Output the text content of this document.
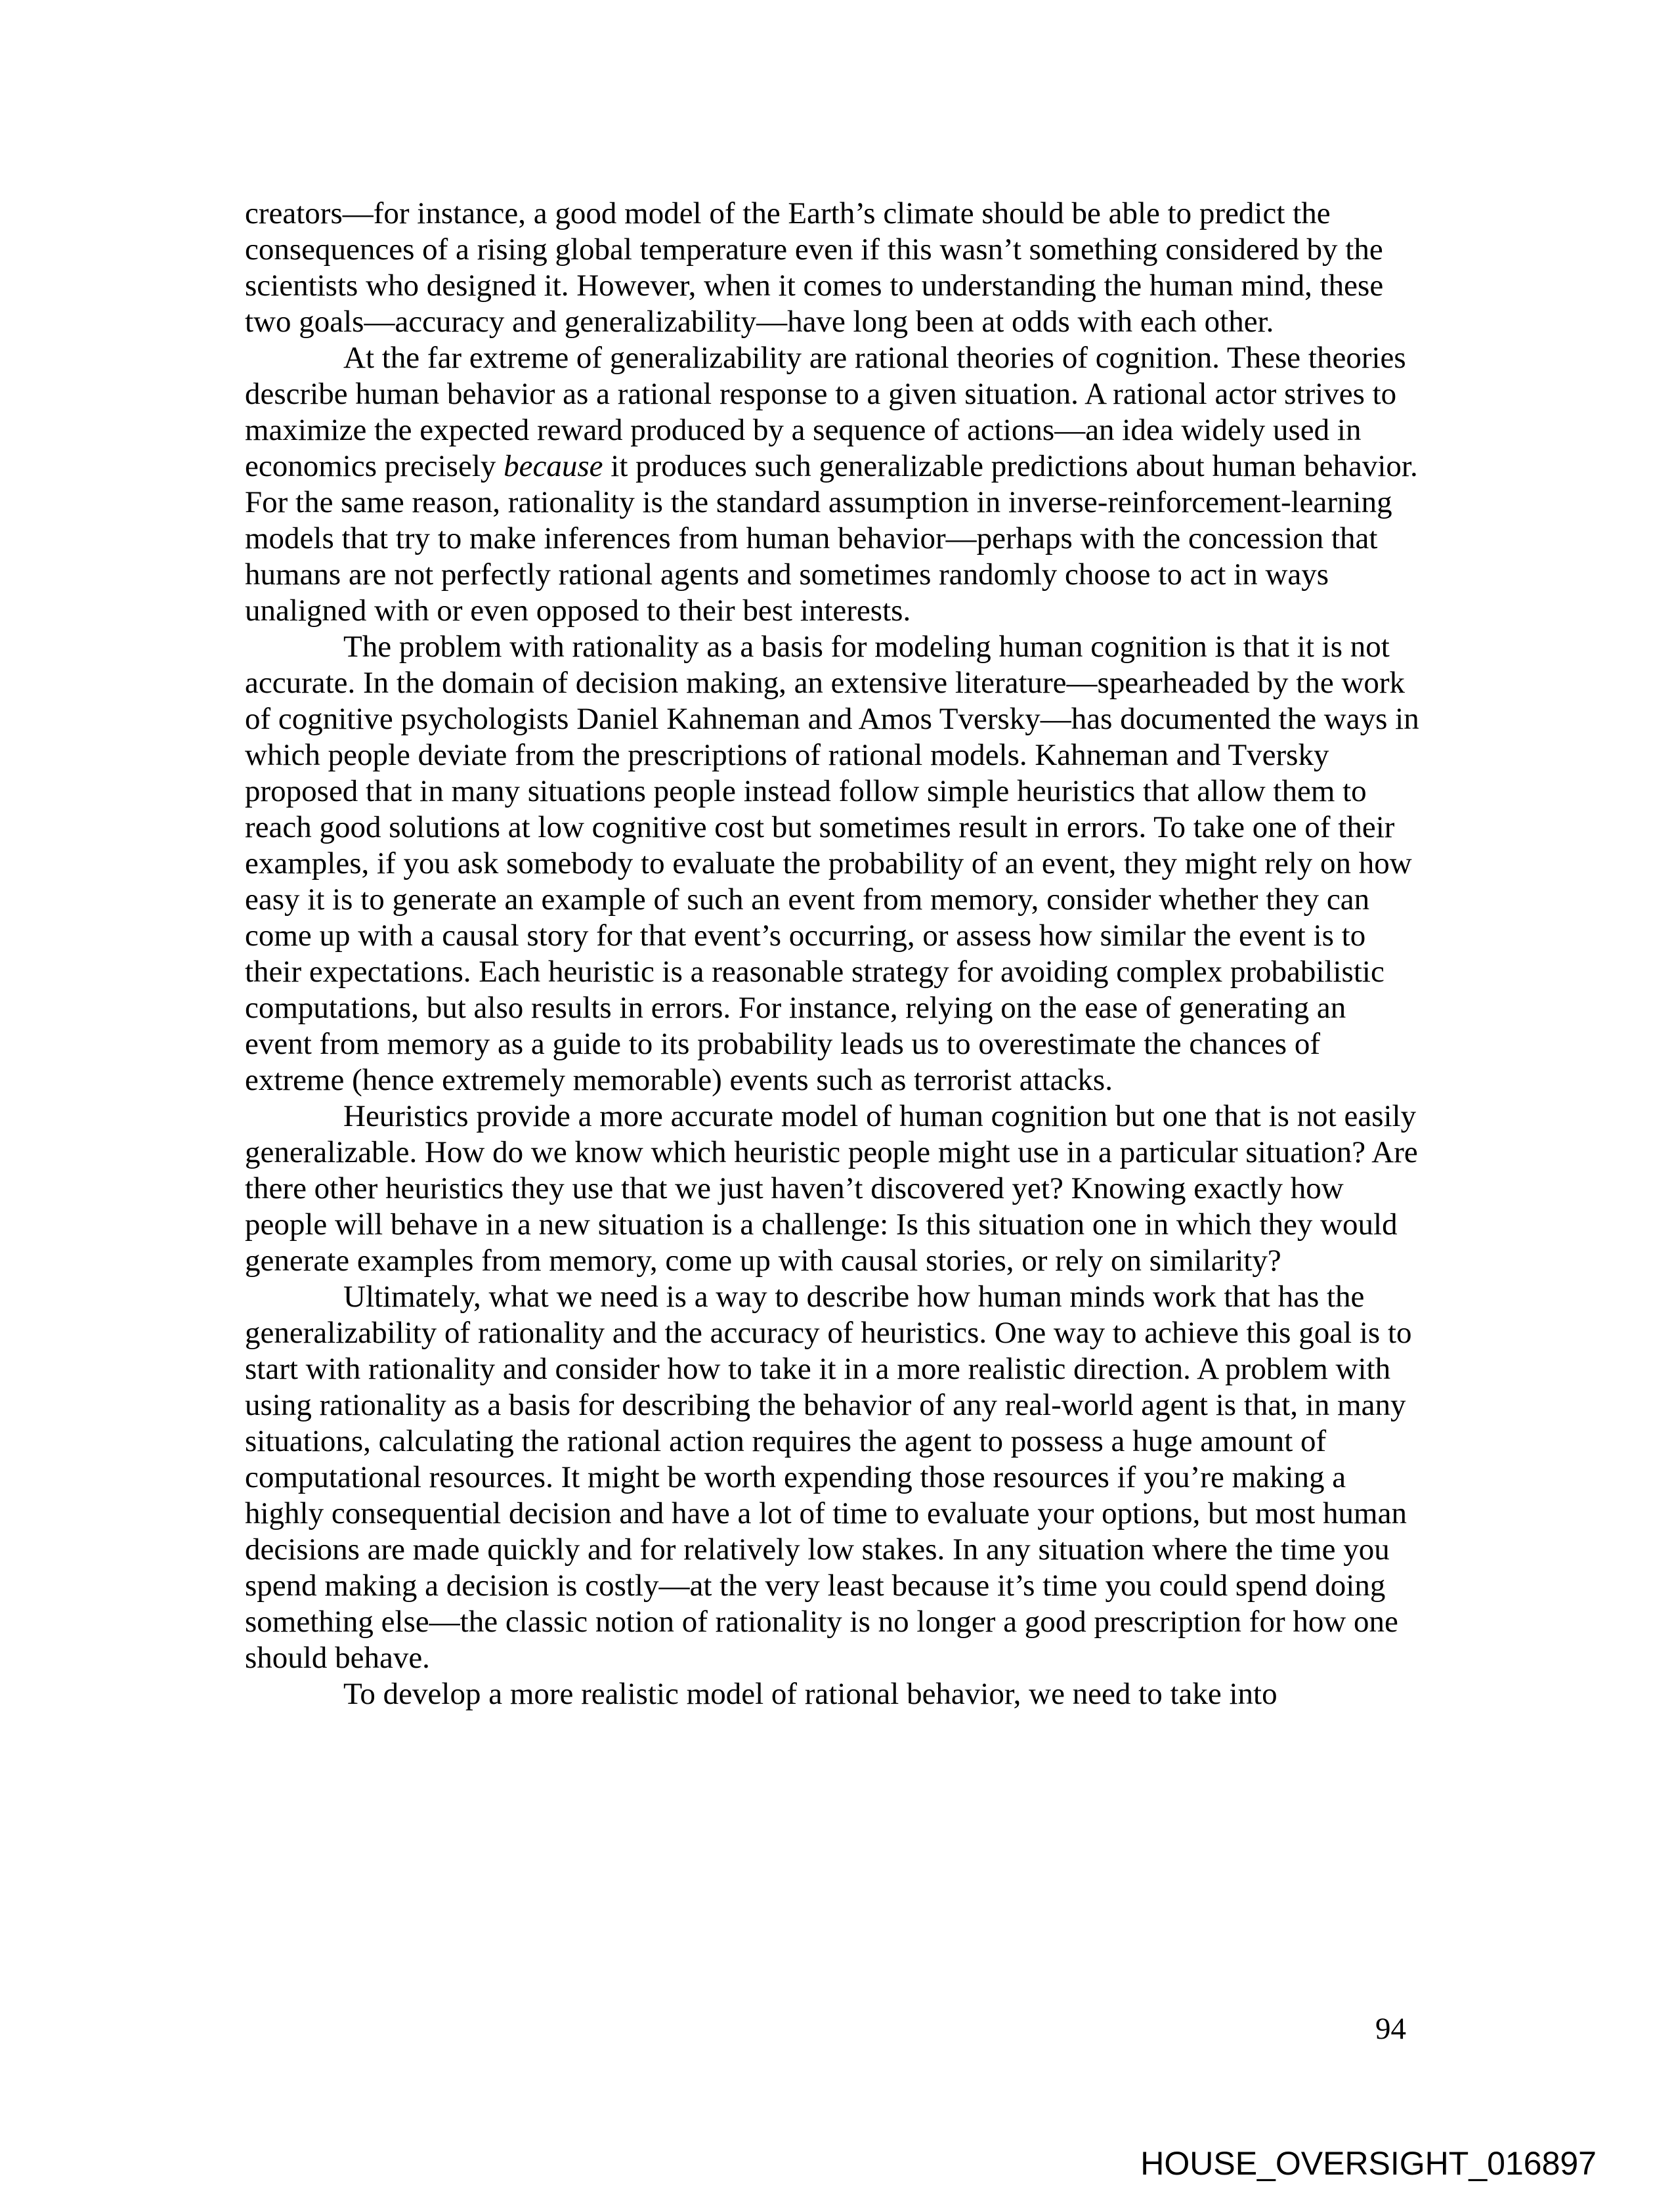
creators—for instance, a good model of the Earth’s climate should be able to predict the consequences of a rising global temperature even if this wasn’t something considered by the scientists who designed it. However, when it comes to understanding the human mind, these two goals—accuracy and generalizability—have long been at odds with each other.

At the far extreme of generalizability are rational theories of cognition. These theories describe human behavior as a rational response to a given situation. A rational actor strives to maximize the expected reward produced by a sequence of actions—an idea widely used in economics precisely because it produces such generalizable predictions about human behavior. For the same reason, rationality is the standard assumption in inverse-reinforcement-learning models that try to make inferences from human behavior—perhaps with the concession that humans are not perfectly rational agents and sometimes randomly choose to act in ways unaligned with or even opposed to their best interests.

The problem with rationality as a basis for modeling human cognition is that it is not accurate. In the domain of decision making, an extensive literature—spearheaded by the work of cognitive psychologists Daniel Kahneman and Amos Tversky—has documented the ways in which people deviate from the prescriptions of rational models. Kahneman and Tversky proposed that in many situations people instead follow simple heuristics that allow them to reach good solutions at low cognitive cost but sometimes result in errors. To take one of their examples, if you ask somebody to evaluate the probability of an event, they might rely on how easy it is to generate an example of such an event from memory, consider whether they can come up with a causal story for that event’s occurring, or assess how similar the event is to their expectations. Each heuristic is a reasonable strategy for avoiding complex probabilistic computations, but also results in errors. For instance, relying on the ease of generating an event from memory as a guide to its probability leads us to overestimate the chances of extreme (hence extremely memorable) events such as terrorist attacks.

Heuristics provide a more accurate model of human cognition but one that is not easily generalizable. How do we know which heuristic people might use in a particular situation? Are there other heuristics they use that we just haven’t discovered yet? Knowing exactly how people will behave in a new situation is a challenge: Is this situation one in which they would generate examples from memory, come up with causal stories, or rely on similarity?

Ultimately, what we need is a way to describe how human minds work that has the generalizability of rationality and the accuracy of heuristics. One way to achieve this goal is to start with rationality and consider how to take it in a more realistic direction. A problem with using rationality as a basis for describing the behavior of any real-world agent is that, in many situations, calculating the rational action requires the agent to possess a huge amount of computational resources. It might be worth expending those resources if you’re making a highly consequential decision and have a lot of time to evaluate your options, but most human decisions are made quickly and for relatively low stakes. In any situation where the time you spend making a decision is costly—at the very least because it’s time you could spend doing something else—the classic notion of rationality is no longer a good prescription for how one should behave.

To develop a more realistic model of rational behavior, we need to take into

94
HOUSE_OVERSIGHT_016897
